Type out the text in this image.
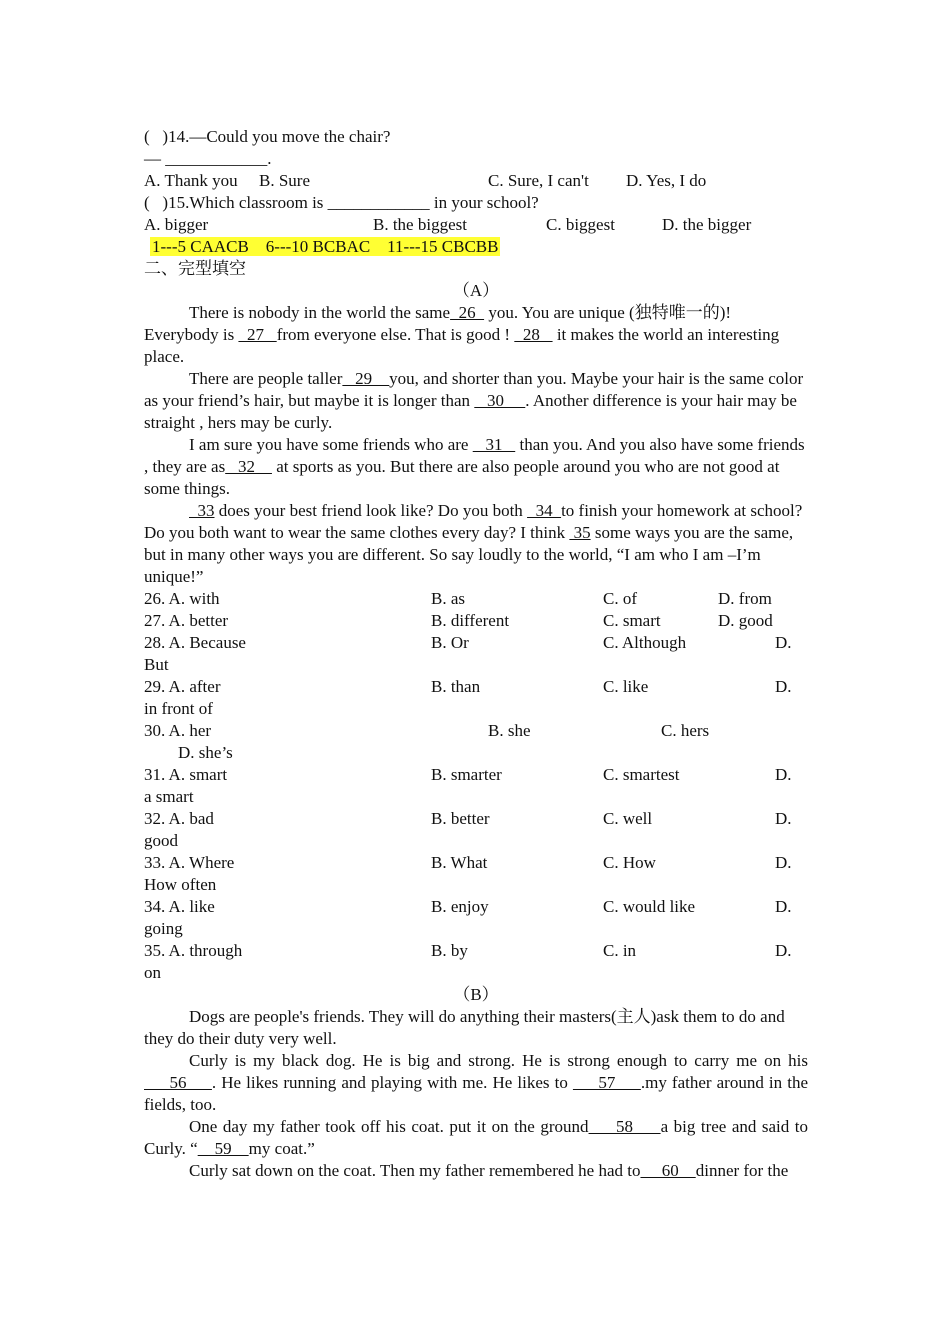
(   )14.—Could you move the chair?
— ____________.

A. Thank you

B. Sure

	C. Sure, I can't

D. Yes, I do

(   )15.Which classroom is ____________ in your school?

A. bigger

	B. the biggest

	C. biggest

	D. the bigger

1---5 CAACB    6---10 BCBAC    11---15 CBCBB
二、完型填空
（A）

There is nobody in the world the same  26   you. You are unique (独特唯一的)! Everybody is   27   from everyone else. That is good !   28    it makes the world an interesting place.

There are people taller   29    you, and shorter than you. Maybe your hair is the same color as your friend’s hair, but maybe it is longer than    30     . Another difference is your hair may be straight , hers may be curly.

I am sure you have some friends who are    31    than you. And you also have some friends , they are as   32     at sports as you. But there are also people around you who are not good at some things.

33 does your best friend look like? Do you both   34  to finish your homework at school? Do you both want to wear the same clothes every day? I think  35 some ways you are the same, but in many other ways you are different. So say loudly to the world, “I am who I am –I’m unique!”

26. A. with	B. as	C. of	D. from
27. A. better	B. different	C. smart	D. good
28. A. Because	B. Or	C. Although	D.
But
29. A. after	B. than	C. like	D.
in front of
30. A. her	B. she	C. hers
D. she’s
31. A. smart	B. smarter	C. smartest	D.
a smart
32. A. bad	B. better	C. well	D.
good
33. A. Where	B. What	C. How	D.
How often
34. A. like	B. enjoy	C. would like	D.
going
35. A. through	B. by	C. in	D.
on
（B）

Dogs are people's friends. They will do anything their masters(主人)ask them to do and they do their duty very well.

Curly is my black dog. He is big and strong. He is strong enough to carry me on his      56     . He likes running and playing with me. He likes to      57     .my father around in the fields, too.

One day my father took off his coat. put it on the ground     58     a big tree and said to Curly. “    59    my coat.”

Curly sat down on the coat. Then my father remembered he had to     60    dinner for the
